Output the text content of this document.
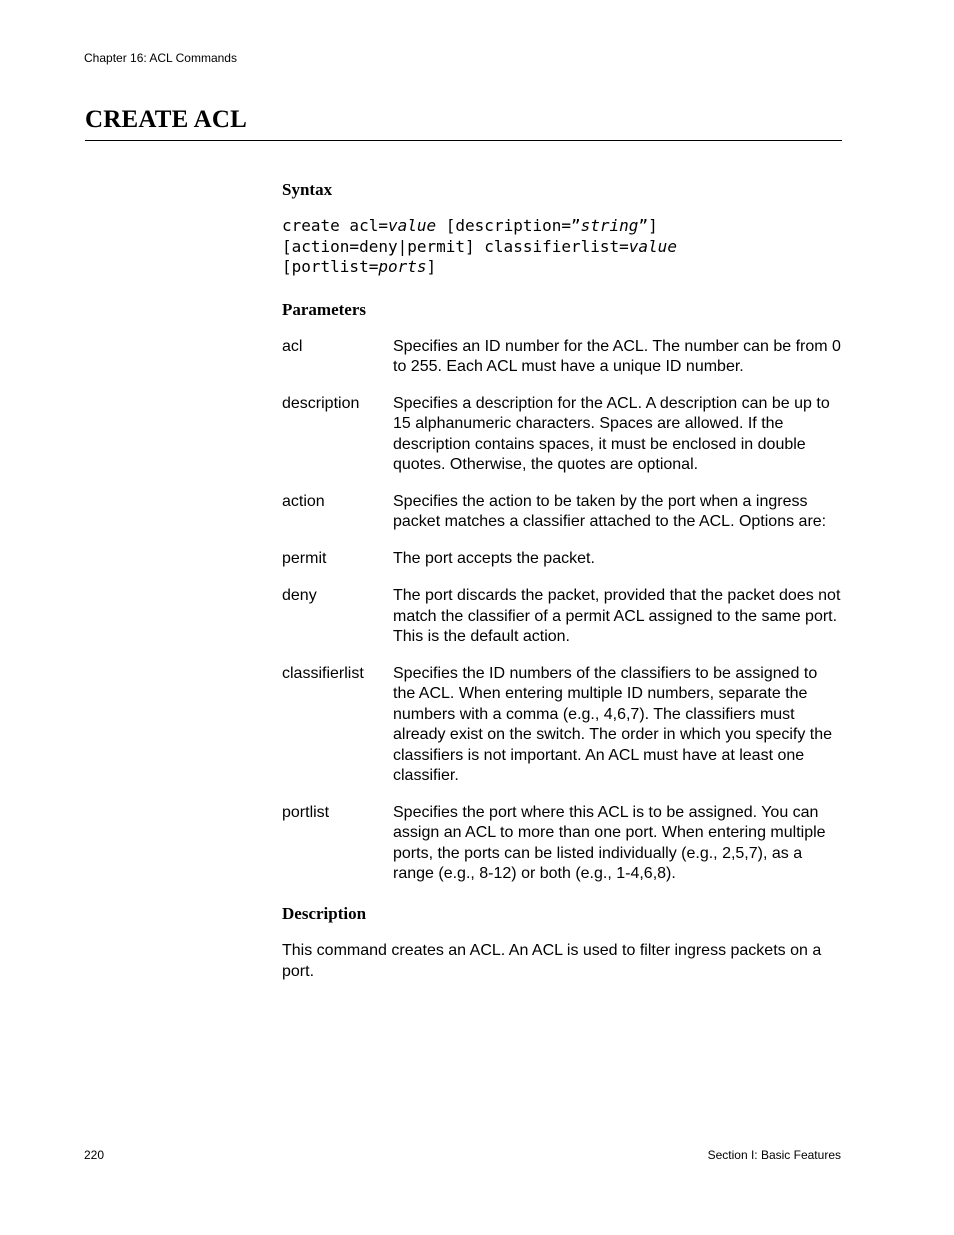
Chapter 16: ACL Commands
CREATE ACL
Syntax
create acl=value [description=”string”]
[action=deny|permit] classifierlist=value
[portlist=ports]
Parameters
acl	Specifies an ID number for the ACL. The number can be from 0 to 255. Each ACL must have a unique ID number.
description	Specifies a description for the ACL. A description can be up to 15 alphanumeric characters. Spaces are allowed. If the description contains spaces, it must be enclosed in double quotes. Otherwise, the quotes are optional.
action	Specifies the action to be taken by the port when a ingress packet matches a classifier attached to the ACL. Options are:
permit	The port accepts the packet.
deny	The port discards the packet, provided that the packet does not match the classifier of a permit ACL assigned to the same port. This is the default action.
classifierlist	Specifies the ID numbers of the classifiers to be assigned to the ACL. When entering multiple ID numbers, separate the numbers with a comma (e.g., 4,6,7). The classifiers must already exist on the switch. The order in which you specify the classifiers is not important. An ACL must have at least one classifier.
portlist	Specifies the port where this ACL is to be assigned. You can assign an ACL to more than one port. When entering multiple ports, the ports can be listed individually (e.g., 2,5,7), as a range (e.g., 8-12) or both (e.g., 1-4,6,8).
Description
This command creates an ACL. An ACL is used to filter ingress packets on a port.
220	Section I: Basic Features
